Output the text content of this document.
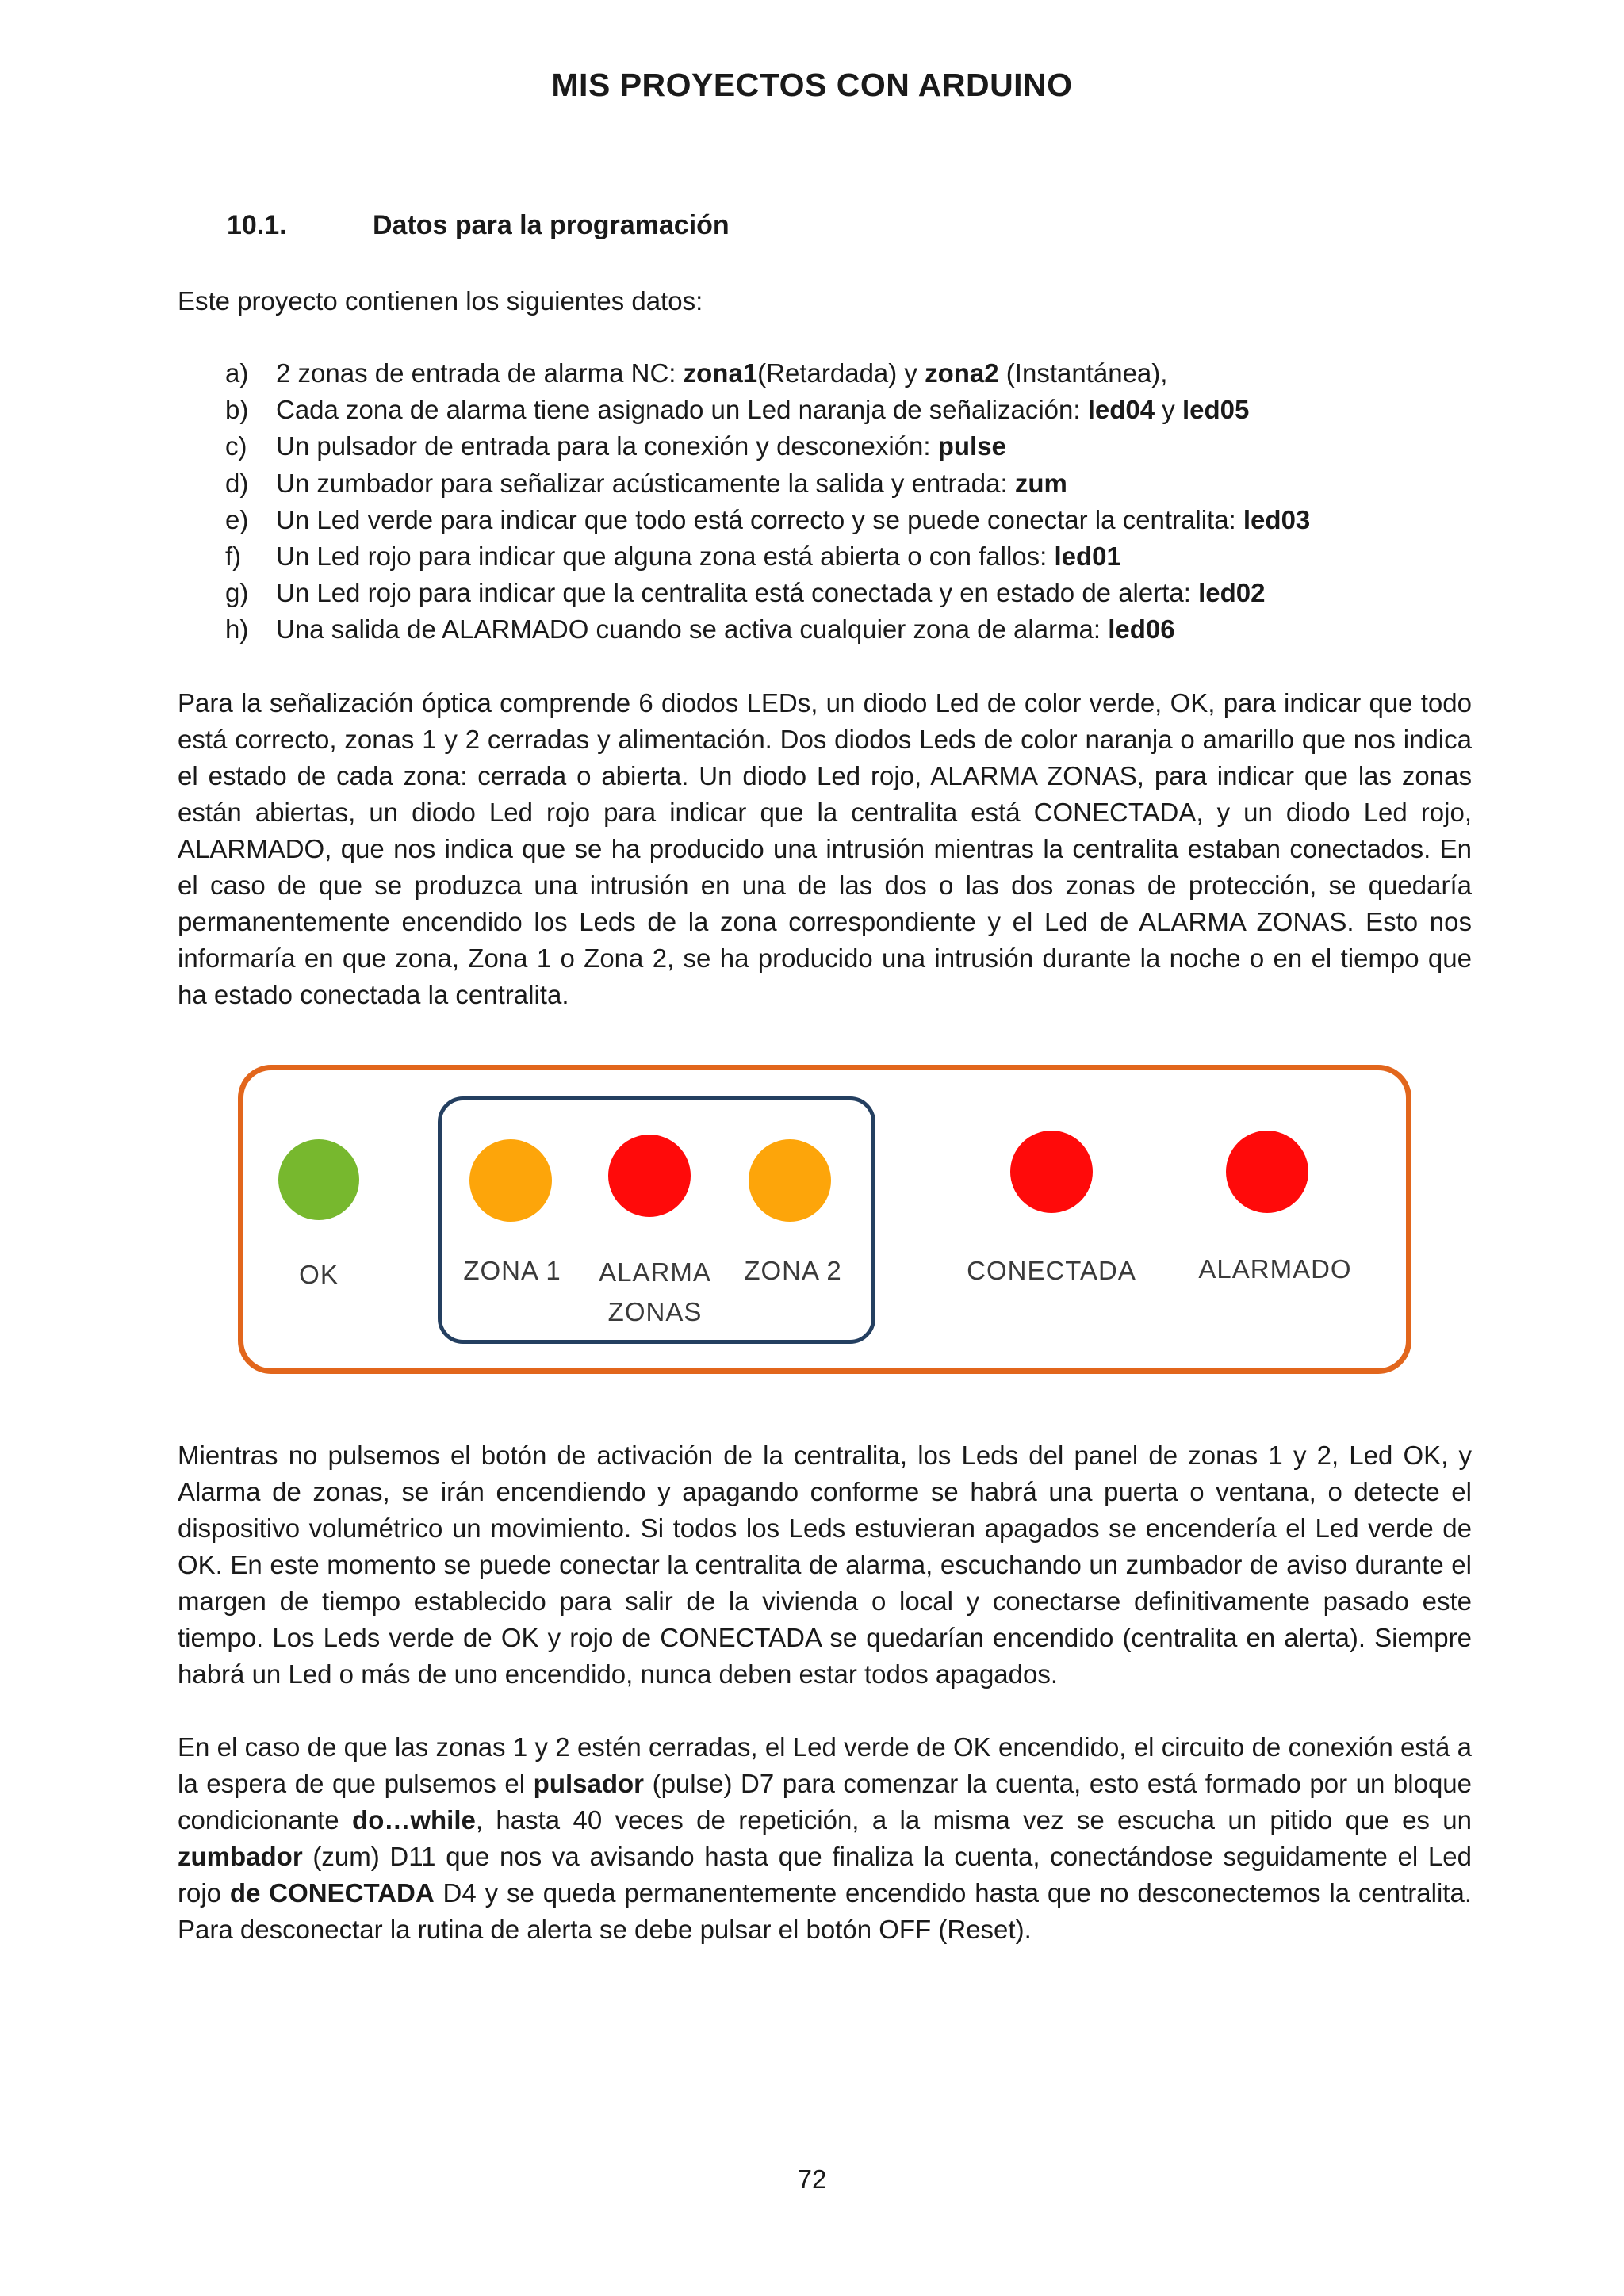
MIS PROYECTOS CON ARDUINO
10.1.	Datos para la programación
Este proyecto contienen los siguientes datos:
a)	2 zonas de entrada de alarma NC: zona1(Retardada) y zona2 (Instantánea),
b)	Cada zona de alarma tiene asignado un Led naranja de señalización: led04 y led05
c)	Un pulsador de entrada para la conexión y desconexión: pulse
d)	Un zumbador para señalizar acústicamente la salida y entrada: zum
e)	Un Led verde para indicar que todo está correcto y se puede conectar la centralita: led03
f)	Un Led rojo para indicar que alguna zona está abierta o con fallos: led01
g)	Un Led rojo para indicar que la centralita está conectada y en estado de alerta: led02
h)	Una salida de ALARMADO cuando se activa cualquier zona de alarma: led06
Para la señalización óptica comprende 6 diodos LEDs, un diodo Led de color verde, OK, para indicar que todo está correcto, zonas 1 y 2 cerradas y alimentación. Dos diodos Leds de color naranja o amarillo que nos indica el estado de cada zona: cerrada o abierta. Un diodo Led rojo, ALARMA ZONAS, para indicar que las zonas están abiertas, un diodo Led rojo para indicar que la centralita está CONECTADA, y un diodo Led rojo, ALARMADO, que nos indica que se ha producido una intrusión mientras la centralita estaban conectados. En el caso de que se produzca una intrusión en una de las dos o las dos zonas de protección, se quedaría permanentemente encendido los Leds de la zona correspondiente y el Led de ALARMA ZONAS. Esto nos informaría en que zona, Zona 1 o Zona 2, se ha producido una intrusión durante la noche o en el tiempo que ha estado conectada la centralita.
OK	ZONA 1	ALARMA
ZONAS
ZONA 2	CONECTADA	ALARMADO
Mientras no pulsemos el botón de activación de la centralita, los Leds del panel de zonas 1 y 2, Led OK, y Alarma de zonas, se irán encendiendo y apagando conforme se habrá una puerta o ventana, o detecte el dispositivo volumétrico un movimiento. Si todos los Leds estuvieran apagados se encendería el Led verde de OK. En este momento se puede conectar la centralita de alarma, escuchando un zumbador de aviso durante el margen de tiempo establecido para salir de la vivienda o local y conectarse definitivamente pasado este tiempo. Los Leds verde de OK y rojo de CONECTADA se quedarían encendido (centralita en alerta). Siempre habrá un Led o más de uno encendido, nunca deben estar todos apagados.
En el caso de que las zonas 1 y 2 estén cerradas, el Led verde de OK encendido, el circuito de conexión está a la espera de que pulsemos el pulsador (pulse) D7 para comenzar la cuenta, esto está formado por un bloque condicionante do…while, hasta 40 veces de repetición, a la misma vez se escucha un pitido que es un zumbador (zum) D11 que nos va avisando hasta que finaliza la cuenta, conectándose seguidamente el Led rojo de CONECTADA D4 y se queda permanentemente encendido hasta que no desconectemos la centralita. Para desconectar la rutina de alerta se debe pulsar el botón OFF (Reset).
72
